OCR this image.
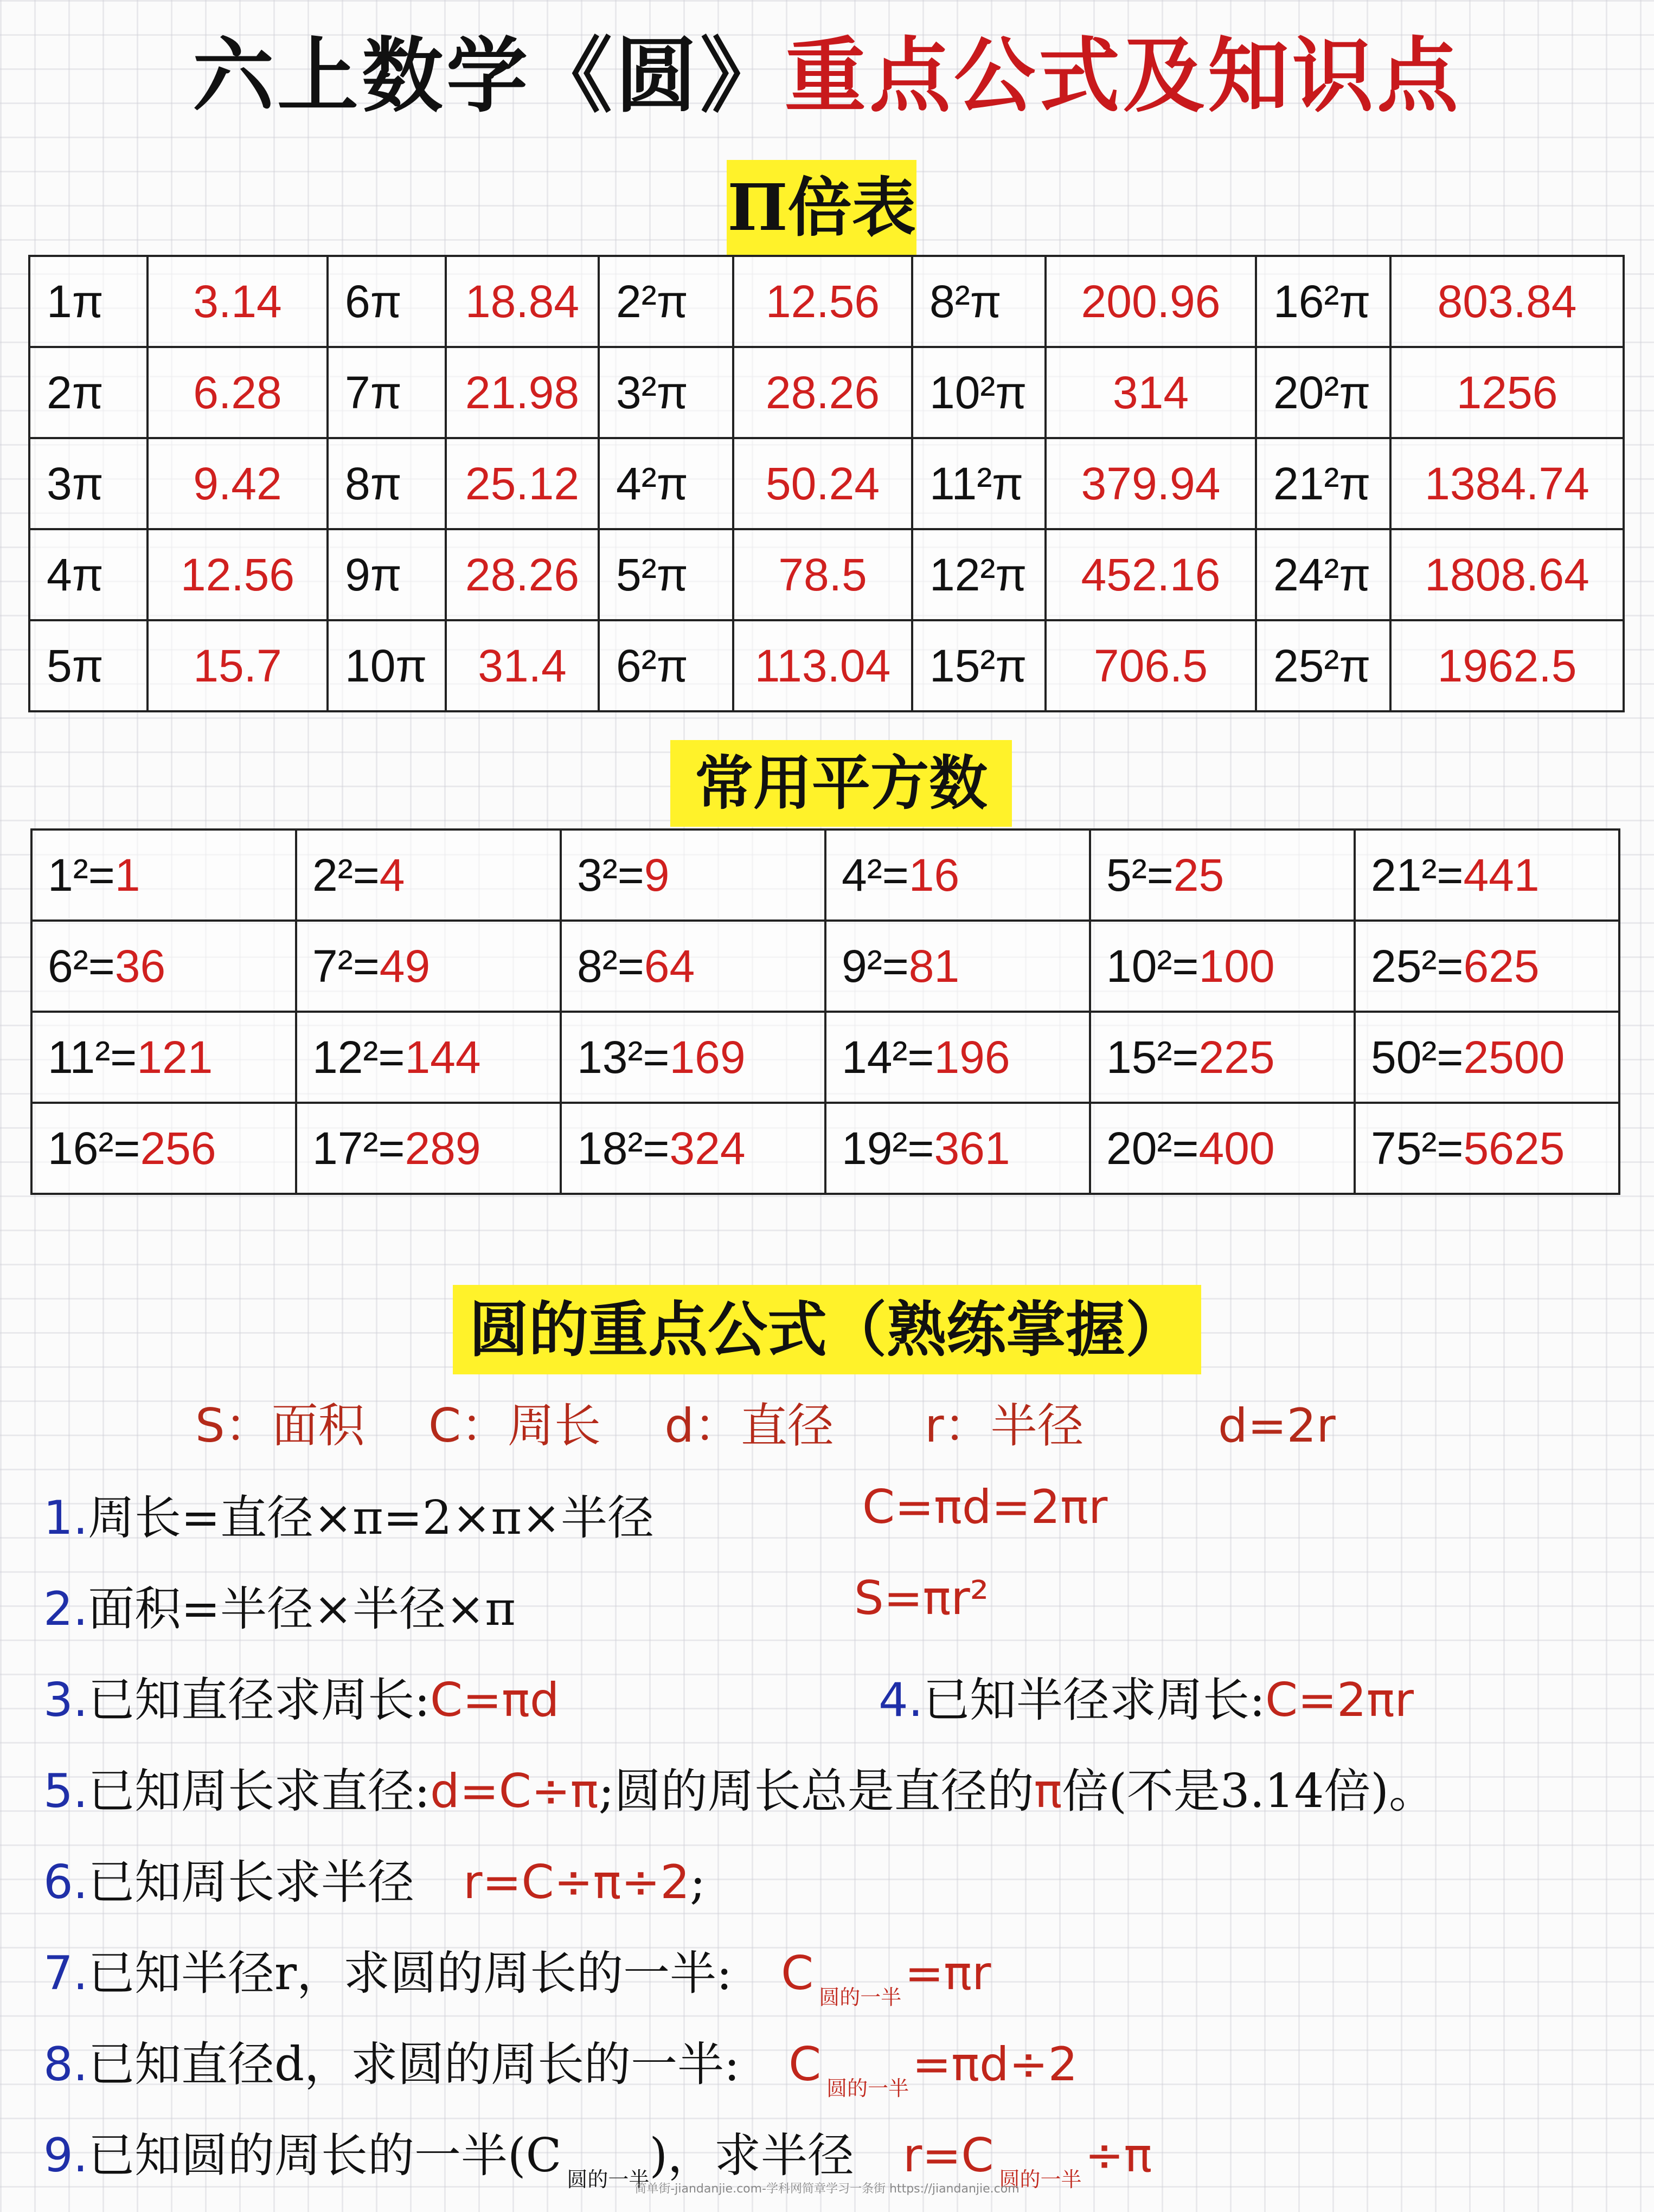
六上数学《圆》重点公式及知识点
Π倍表
1π	3.14	6π	18.84	2²π	12.56	8²π	200.96	16²π	803.84
2π	6.28	7π	21.98	3²π	28.26	10²π	314	20²π	1256
3π	9.42	8π	25.12	4²π	50.24	11²π	379.94	21²π	1384.74
4π	12.56	9π	28.26	5²π	78.5	12²π	452.16	24²π	1808.64
5π	15.7	10π	31.4	6²π	113.04	15²π	706.5	25²π	1962.5
常用平方数
1²=1	2²=4	3²=9	4²=16	5²=25	21²=441
6²=36	7²=49	8²=64	9²=81	10²=100	25²=625
11²=121	12²=144	13²=169	14²=196	15²=225	50²=2500
16²=256	17²=289	18²=324	19²=361	20²=400	75²=5625
圆的重点公式（熟练掌握）
S：面积 C：周长 d：直径 r：半径	d=2r
1.周长=直径×π=2×π×半径	C=πd=2πr
2.面积=半径×半径×π	S=πr²
3.已知直径求周长:C=πd	4.已知半径求周长:C=2πr
5.已知周长求直径:d=C÷π;圆的周长总是直径的π倍(不是3.14倍)。
6.已知周长求半径 r=C÷π÷2;
7.已知半径r，求圆的周长的一半: C $_{圆的一半}$=πr
8.已知直径d，求圆的周长的一半: C $_{圆的一半}$=πd÷2
9.已知圆的周长的一半(C $_{圆的一半}$)，求半径 r=C $_{圆的一半}$÷π
简单街-jiandanjie.com-学科网简章学习一条街 https://jiandanjie.com
